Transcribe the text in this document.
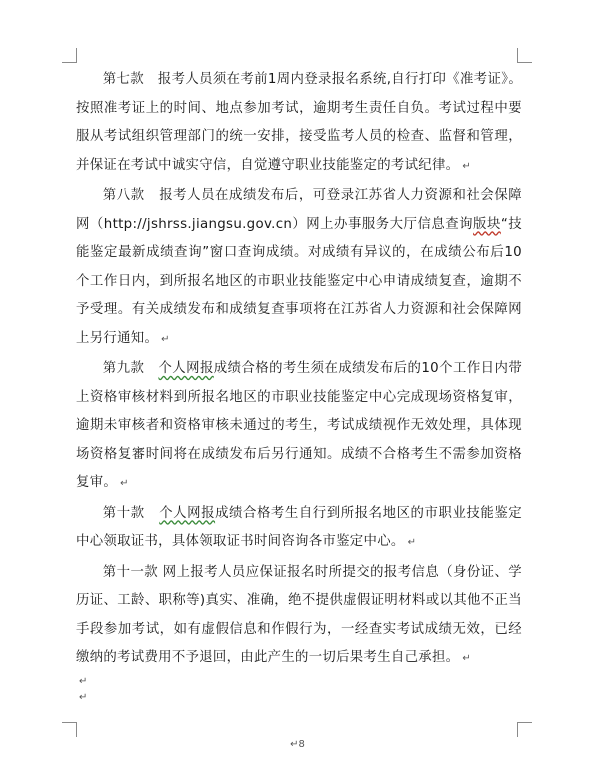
第七款 报考人员须在考前1周内登录报名系统,自行打印《准考证》。按照准考证上的时间、地点参加考试，逾期考生责任自负。考试过程中要服从考试组织管理部门的统一安排，接受监考人员的检查、监督和管理，并保证在考试中诚实守信，自觉遵守职业技能鉴定的考试纪律。 ↵

第八款 报考人员在成绩发布后，可登录江苏省人力资源和社会保障网（http://jshrss.jiangsu.gov.cn）网上办事服务大厅信息查询版块“技能鉴定最新成绩查询”窗口查询成绩。对成绩有异议的，在成绩公布后10个工作日内，到所报名地区的市职业技能鉴定中心申请成绩复查，逾期不予受理。有关成绩发布和成绩复查事项将在江苏省人力资源和社会保障网上另行通知。 ↵

第九款 个人网报成绩合格的考生须在成绩发布后的10个工作日内带上资格审核材料到所报名地区的市职业技能鉴定中心完成现场资格复审，逾期未审核者和资格审核未通过的考生，考试成绩视作无效处理，具体现场资格复審时间将在成绩发布后另行通知。成绩不合格考生不需参加资格复审。 ↵

第十款 个人网报成绩合格考生自行到所报名地区的市职业技能鉴定中心领取证书，具体领取证书时间咨询各市鉴定中心。 ↵

第十一款 网上报考人员应保证报名时所提交的报考信息（身份证、学历证、工龄、职称等)真实、准确，绝不提供虚假证明材料或以其他不正当手段参加考试，如有虚假信息和作假行为，一经查实考试成绩无效，已经缴纳的考试费用不予退回，由此产生的一切后果考生自己承担。 ↵

↵
↵
↵8
